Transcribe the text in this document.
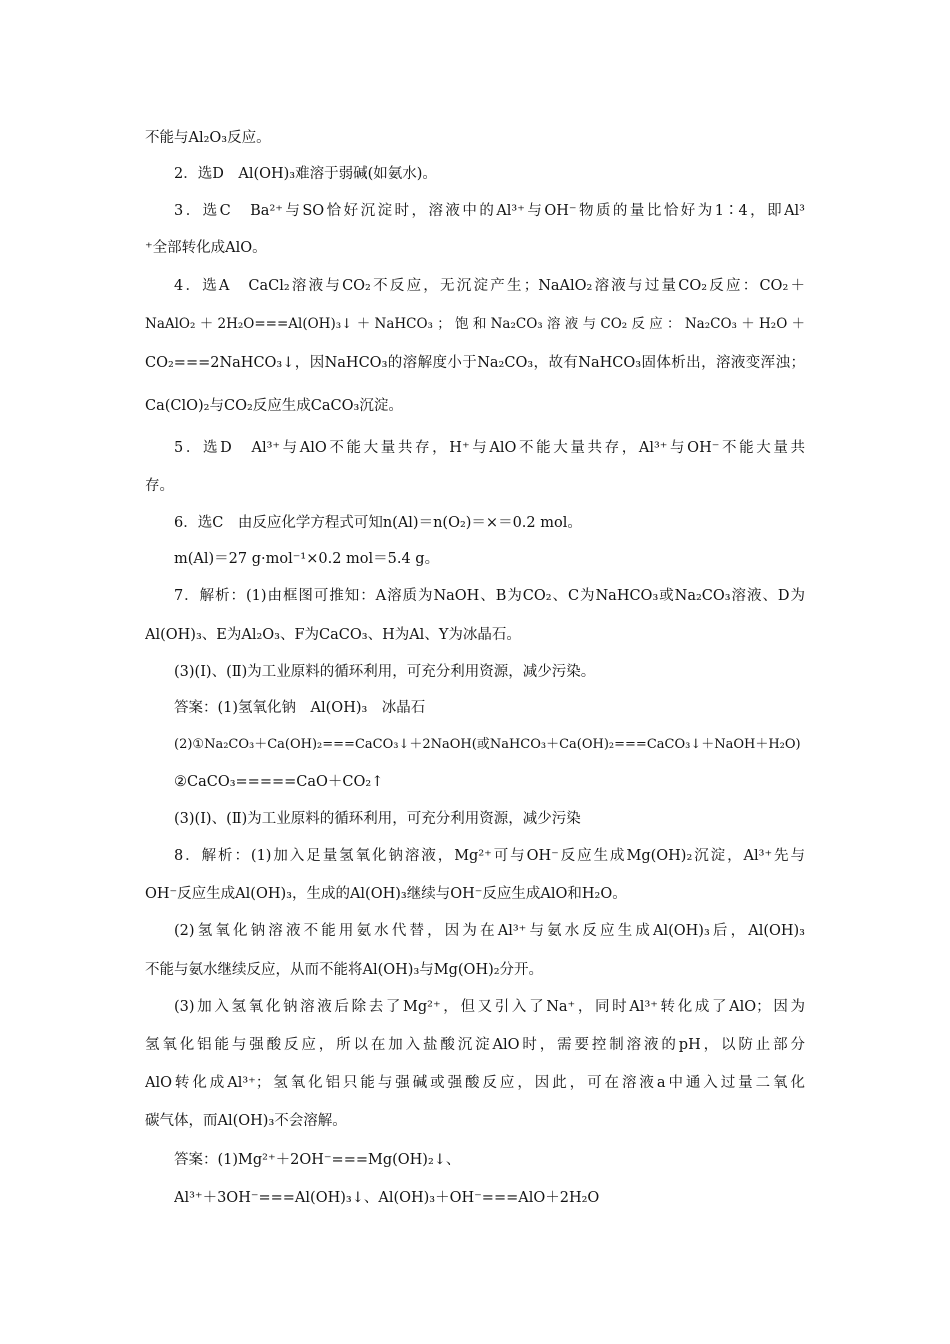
不能与Al₂O₃反应。
2．选D　Al(OH)₃难溶于弱碱(如氨水)。
3．选C　Ba²⁺与SO恰好沉淀时，溶液中的Al³⁺与OH⁻物质的量比恰好为1∶4，即Al³
⁺全部转化成AlO。
4．选A　CaCl₂溶液与CO₂不反应，无沉淀产生；NaAlO₂溶液与过量CO₂反应：CO₂＋
NaAlO₂ ＋ 2H₂O===Al(OH)₃↓ ＋ NaHCO₃ ； 饱 和 Na₂CO₃ 溶 液 与 CO₂ 反 应 ： Na₂CO₃ ＋ H₂O ＋
CO₂===2NaHCO₃↓，因NaHCO₃的溶解度小于Na₂CO₃，故有NaHCO₃固体析出，溶液变浑浊；
Ca(ClO)₂与CO₂反应生成CaCO₃沉淀。
5．选D　Al³⁺与AlO不能大量共存，H⁺与AlO不能大量共存，Al³⁺与OH⁻不能大量共
存。
6．选C　由反应化学方程式可知n(Al)＝n(O₂)＝×＝0.2 mol。
m(Al)＝27 g·mol⁻¹×0.2 mol＝5.4 g。
7．解析：(1)由框图可推知：A溶质为NaOH、B为CO₂、C为NaHCO₃或Na₂CO₃溶液、D为
Al(OH)₃、E为Al₂O₃、F为CaCO₃、H为Al、Y为冰晶石。
(3)(Ⅰ)、(Ⅱ)为工业原料的循环利用，可充分利用资源，减少污染。
答案：(1)氢氧化钠　Al(OH)₃　冰晶石
(2)①Na₂CO₃＋Ca(OH)₂===CaCO₃↓＋2NaOH(或NaHCO₃＋Ca(OH)₂===CaCO₃↓＋NaOH＋H₂O)
②CaCO₃=====CaO＋CO₂↑
(3)(Ⅰ)、(Ⅱ)为工业原料的循环利用，可充分利用资源，减少污染
8．解析：(1)加入足量氢氧化钠溶液，Mg²⁺可与OH⁻反应生成Mg(OH)₂沉淀，Al³⁺先与
OH⁻反应生成Al(OH)₃，生成的Al(OH)₃继续与OH⁻反应生成AlO和H₂O。
(2)氢氧化钠溶液不能用氨水代替，因为在Al³⁺与氨水反应生成Al(OH)₃后，Al(OH)₃
不能与氨水继续反应，从而不能将Al(OH)₃与Mg(OH)₂分开。
(3)加入氢氧化钠溶液后除去了Mg²⁺，但又引入了Na⁺，同时Al³⁺转化成了AlO；因为
氢氧化铝能与强酸反应，所以在加入盐酸沉淀AlO时，需要控制溶液的pH，以防止部分
AlO转化成Al³⁺；氢氧化铝只能与强碱或强酸反应，因此，可在溶液a中通入过量二氧化
碳气体，而Al(OH)₃不会溶解。
答案：(1)Mg²⁺＋2OH⁻===Mg(OH)₂↓、
Al³⁺＋3OH⁻===Al(OH)₃↓、Al(OH)₃＋OH⁻===AlO＋2H₂O
